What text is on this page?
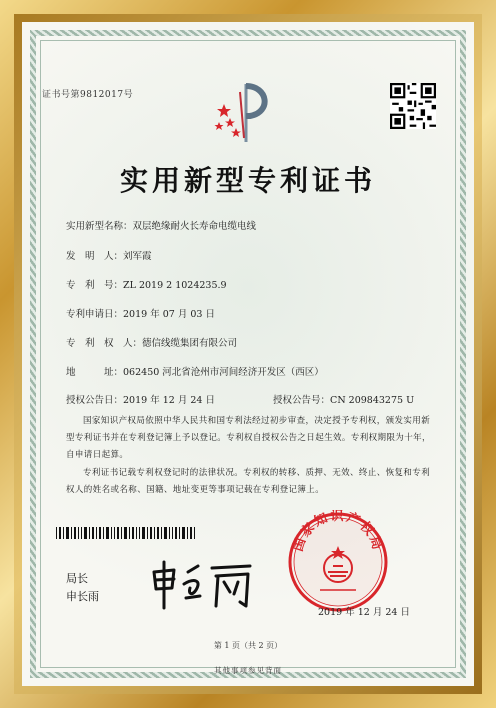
证书号第9812017号
实用新型专利证书
实用新型名称：双层绝缘耐火长寿命电缆电线
发　明　人：刘军霞
专　利　号：ZL 2019 2 1024235.9
专利申请日：2019 年 07 月 03 日
专　利　权　人：德信线缆集团有限公司
地　　　址：062450 河北省沧州市河间经济开发区（西区）
授权公告日：2019 年 12 月 24 日	授权公告号：CN 209843275 U
国家知识产权局依照中华人民共和国专利法经过初步审查，决定授予专利权，颁发实用新型专利证书并在专利登记簿上予以登记。专利权自授权公告之日起生效。专利权期限为十年，自申请日起算。
专利证书记载专利权登记时的法律状况。专利权的转移、质押、无效、终止、恢复和专利权人的姓名或名称、国籍、地址变更等事项记载在专利登记簿上。
局长
申长雨
国家知识产权局
2019 年 12 月 24 日
第 1 页（共 2 页）
其他事项参见背面
